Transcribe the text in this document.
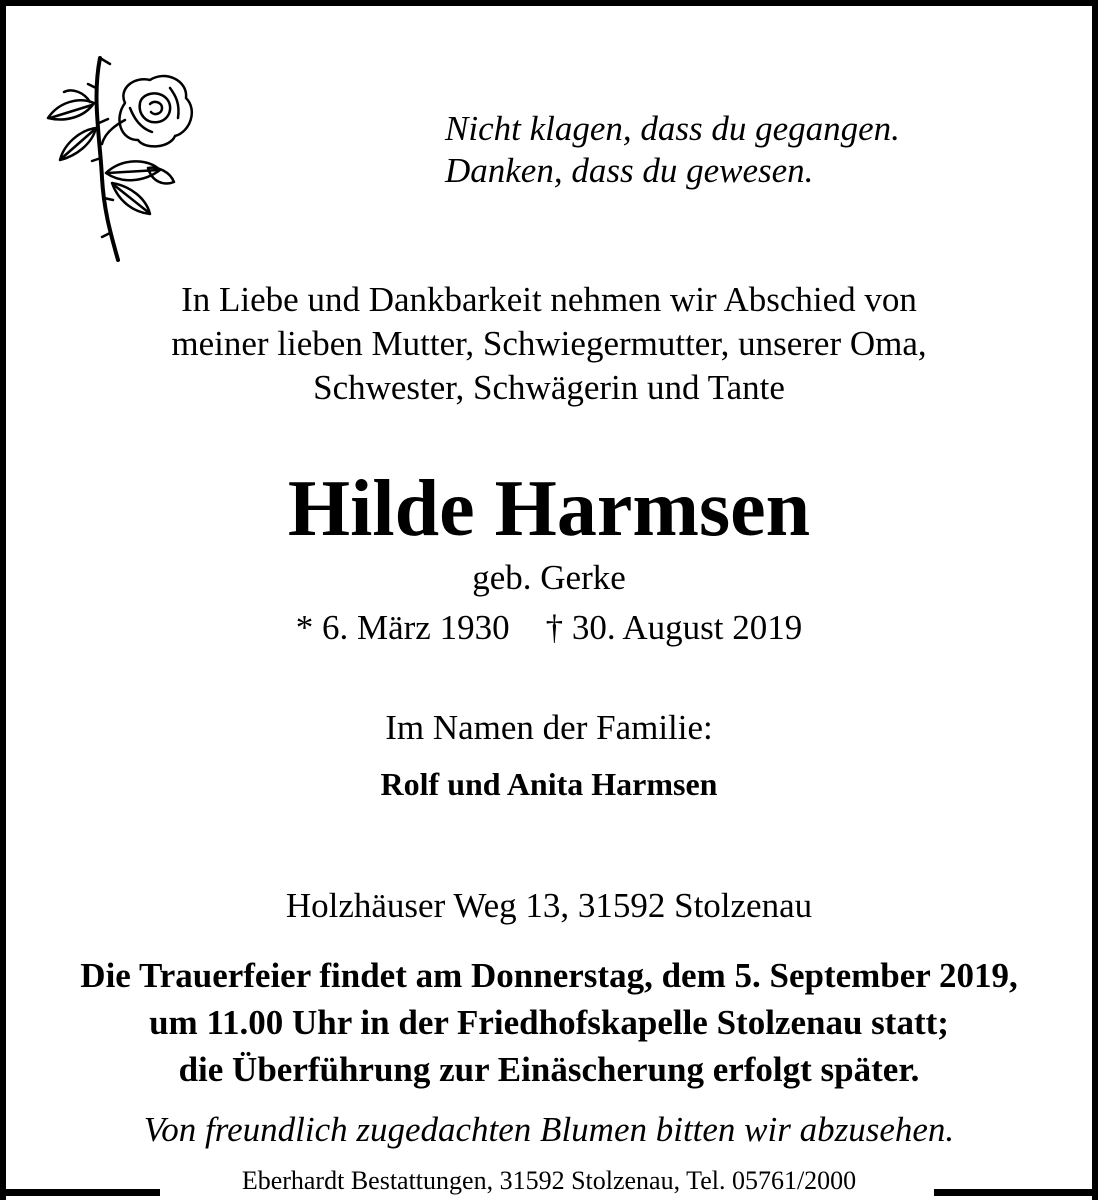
Nicht klagen, dass du gegangen.
Danken, dass du gewesen.
In Liebe und Dankbarkeit nehmen wir Abschied von
meiner lieben Mutter, Schwiegermutter, unserer Oma,
Schwester, Schwägerin und Tante
Hilde Harmsen
geb. Gerke
* 6. März 1930 † 30. August 2019
Im Namen der Familie:
Rolf und Anita Harmsen
Holzhäuser Weg 13, 31592 Stolzenau
Die Trauerfeier findet am Donnerstag, dem 5. September 2019,
um 11.00 Uhr in der Friedhofskapelle Stolzenau statt;
die Überführung zur Einäscherung erfolgt später.
Von freundlich zugedachten Blumen bitten wir abzusehen.
Eberhardt Bestattungen, 31592 Stolzenau, Tel. 05761/2000
